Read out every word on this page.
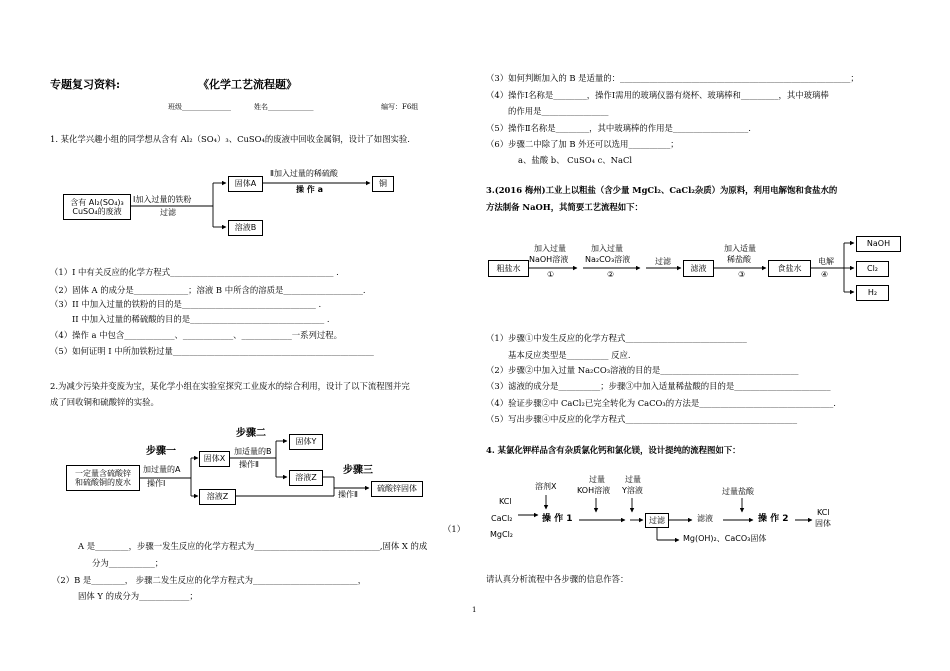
专题复习资料:	《化学工艺流程题》
班级______________	姓名_____________	编写：F6组
1. 某化学兴趣小组的同学想从含有 Al₂（SO₄）₃、CuSO₄的废液中回收金属铜，设计了如图实验.
含有 Al₂(SO₄)₃
CuSO₄的废液
Ⅰ加入过量的铁粉
过滤
固体A
Ⅱ加入过量的稀硫酸
操 作 a
铜
溶液B
（1）I 中有关反应的化学方程式_______________________________________ .
（2）固体 A 的成分是_____________；溶液 B 中所含的溶质是___________________.
（3）II 中加入过量的铁粉的目的是________________________________ .
II 中加入过量的稀硫酸的目的是________________________________ .
（4）操作 a 中包含____________、____________、____________一系列过程。
（5）如何证明 I 中所加铁粉过量________________________________________________
2.为减少污染并变废为宝，某化学小组在实验室探究工业废水的综合利用，设计了以下流程图并完
成了回收铜和硫酸锌的实验。
步骤一
步骤二
步骤三
一定量含硫酸锌
和硫酸铜的废水
加过量的A
操作Ⅰ
固体X
加适量的B
操作Ⅱ
固体Y
溶液Z
溶液Z	操作Ⅱ
硫酸锌固体
（1）
A 是________，步骤一发生反应的化学方程式为______________________________,固体 X 的成
分为___________；
（2）B 是________， 步骤二发生反应的化学方程式为_________________________，
固体 Y 的成分为____________；
（3）如何判断加入的 B 是适量的：_______________________________________________________；
（4）操作Ⅰ名称是________，操作Ⅰ需用的玻璃仪器有烧杯、玻璃棒和_________，其中玻璃棒
的作用是________________
（5）操作Ⅱ名称是________，其中玻璃棒的作用是__________________.
（6）步骤二中除了加 B 外还可以选用__________；
a、盐酸 b、 CuSO₄ c、NaCl
3.(2016 梅州)工业上以粗盐（含少量 MgCl₂、CaCl₂杂质）为原料，利用电解饱和食盐水的
方法制备 NaOH，其简要工艺流程如下：
粗盐水
加入过量
NaOH溶液
①
加入过量
Na₂CO₃溶液
②
过滤
滤液
加入适量
稀盐酸
③
食盐水
电解
④
NaOH
Cl₂
H₂
（1）步骤①中发生反应的化学方程式_____________________________
基本反应类型是__________ 反应.
（2）步骤②中加入过量 Na₂CO₃溶液的目的是_________________________________
（3）滤液的成分是__________；步骤③中加入适量稀盐酸的目的是_______________________
（4）验证步骤②中 CaCl₂已完全转化为 CaCO₃的方法是________________________________.
（5）写出步骤④中反应的化学方程式_________________________________________
4. 某氯化钾样品含有杂质氯化钙和氯化镁，设计提纯的流程图如下：
KCl
CaCl₂
MgCl₂
溶剂X
操 作 1
过量
KOH溶液
过量
Y溶液
过滤	滤液
过量盐酸
操 作 2
KCl
固体
Mg(OH)₂、CaCO₃固体
请认真分析流程中各步骤的信息作答：
1
